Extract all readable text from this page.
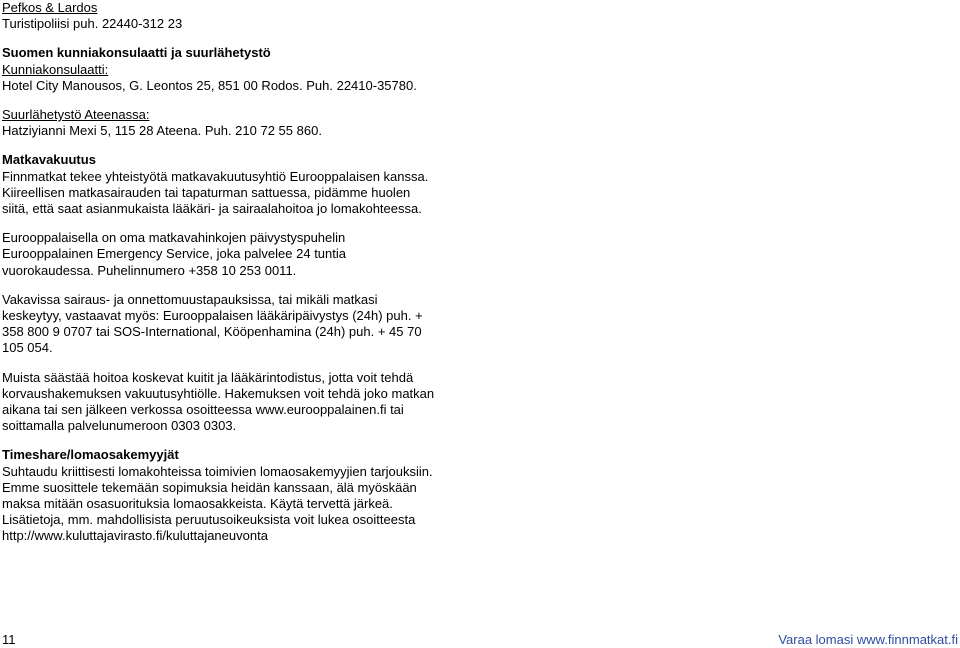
Pefkos & Lardos
Turistipoliisi puh. 22440-312 23
Suomen kunniakonsulaatti ja suurlähetystö
Kunniakonsulaatti:
Hotel City Manousos, G. Leontos 25, 851 00 Rodos. Puh. 22410-35780.
Suurlähetystö Ateenassa:
Hatziyianni Mexi 5, 115 28 Ateena. Puh. 210 72 55 860.
Matkavakuutus
Finnmatkat tekee yhteistyötä matkavakuutusyhtiö Eurooppalaisen kanssa.
Kiireellisen matkasairauden tai tapaturman sattuessa, pidämme huolen
siitä, että saat asianmukaista lääkäri- ja sairaalahoitoa jo lomakohteessa.
Eurooppalaisella on oma matkavahinkojen päivystyspuhelin
Eurooppalainen Emergency Service, joka palvelee 24 tuntia
vuorokaudessa. Puhelinnumero +358 10 253 0011.
Vakavissa sairaus- ja onnettomuustapauksissa, tai mikäli matkasi
keskeytyy, vastaavat myös: Eurooppalaisen lääkäripäivystys (24h) puh. +
358 800 9 0707 tai SOS-International, Kööpenhamina (24h) puh. + 45 70
105 054.
Muista säästää hoitoa koskevat kuitit ja lääkärintodistus, jotta voit tehdä
korvaushakemuksen vakuutusyhtiölle. Hakemuksen voit tehdä joko matkan
aikana tai sen jälkeen verkossa osoitteessa www.eurooppalainen.fi tai
soittamalla palvelunumeroon 0303 0303.
Timeshare/lomaosakemyyjät
Suhtaudu kriittisesti lomakohteissa toimivien lomaosakemyyjien tarjouksiin.
Emme suosittele tekemään sopimuksia heidän kanssaan, älä myöskään
maksa mitään osasuorituksia lomaosakkeista. Käytä tervettä järkeä.
Lisätietoja, mm. mahdollisista peruutusoikeuksista voit lukea osoitteesta
http://www.kuluttajavirasto.fi/kuluttajaneuvonta
11	Varaa lomasi www.finnmatkat.fi
